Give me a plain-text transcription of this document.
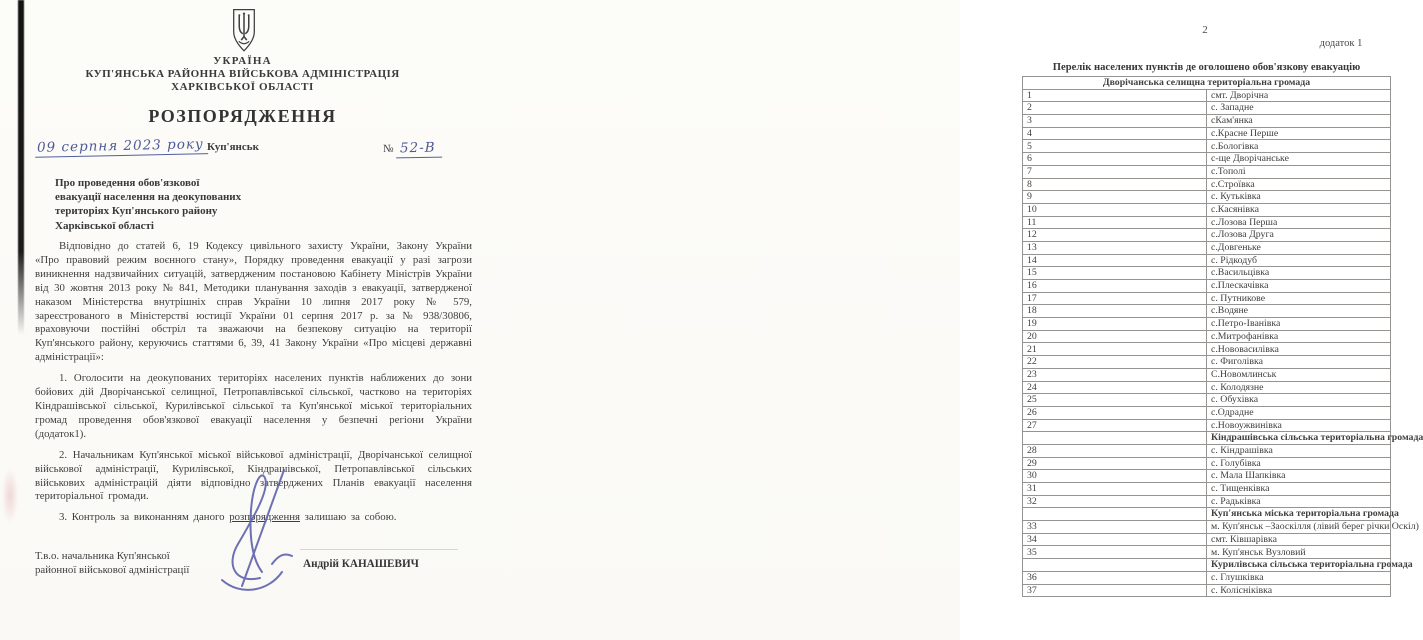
УКРАЇНА
КУП'ЯНСЬКА РАЙОННА ВІЙСЬКОВА АДМІНІСТРАЦІЯ
ХАРКІВСЬКОЇ ОБЛАСТІ
РОЗПОРЯДЖЕННЯ
09 серпня 2023 року Куп'янськ	№ 52-В
Про проведення обов'язкової
евакуації населення на деокупованих
територіях Куп'янського району
Харківської області

Відповідно до статей 6, 19 Кодексу цивільного захисту України, Закону України «Про правовий режим воєнного стану», Порядку проведення евакуації у разі загрози виникнення надзвичайних ситуацій, затвердженим постановою Кабінету Міністрів України від 30 жовтня 2013 року № 841, Методики планування заходів з евакуації, затвердженої наказом Міністерства внутрішніх справ України 10 липня 2017 року № 579, зареєстрованого в Міністерстві юстиції України 01 серпня 2017 р. за № 938/30806, враховуючи постійні обстріл та зважаючи на безпекову ситуацію на території Куп'янського району, керуючись статтями 6, 39, 41 Закону України «Про місцеві державні адміністрації»:

1. Оголосити на деокупованих територіях населених пунктів наближених до зони бойових дій Дворічанської селищної, Петропавлівської сільської, частково на територіях Кіндрашівської сільської, Курилівської сільської та Куп'янської міської територіальних громад проведення обов'язкової евакуації населення у безпечні регіони України (додаток1).

2. Начальникам Куп'янської міської військової адміністрації, Дворічанської селищної військової адміністрації, Курилівської, Кіндрашівської, Петропавлівської сільських військових адміністрацій діяти відповідно затверджених Планів евакуації населення територіальної громади.

3. Контроль за виконанням даного розпорядження залишаю за собою.

Т.в.о. начальника Куп'янської
районної військової адміністрації	Андрій КАНАШЕВИЧ
2
додаток 1
Перелік населених пунктів де оголошено обов'язкову евакуацію
Дворічанська селищна територіальна громада	
1	смт. Дворічна
2	с. Западне
3	сКам'янка
4	с.Красне Перше
5	с.Бологівка
6	с-ще Дворічанське
7	с.Тополі
8	с.Строївка
9	с. Кутьківка
10	с.Касянівка
11	с.Лозова Перша
12	с.Лозова Друга
13	с.Довгеньке
14	с. Рідкодуб
15	с.Васильцівка
16	с.Плескачівка
17	с. Путникове
18	с.Водяне
19	с.Петро-Іванівка
20	с.Митрофанівка
21	с.Нововасилівка
22	с. Фиголівка
23	С.Новомлинськ
24	с. Колодязне
25	с. Обухівка
26	с.Одрадне
27	с.Новоужвинівка
	Кіндрашівська сільська територіальна громада
28	с. Кіндрашівка
29	с. Голубівка
30	с. Мала Шапківка
31	с. Тищенківка
32	с. Радьківка
	Куп'янська міська територіальна громада
33	м. Куп'янськ –Заоскілля (лівий берег річки Оскіл)
34	смт. Ківшарівка
35	м. Куп'янськ Вузловий
	Курилівська сільська територіальна громада
36	с. Глушківка
37	с. Колісніківка
